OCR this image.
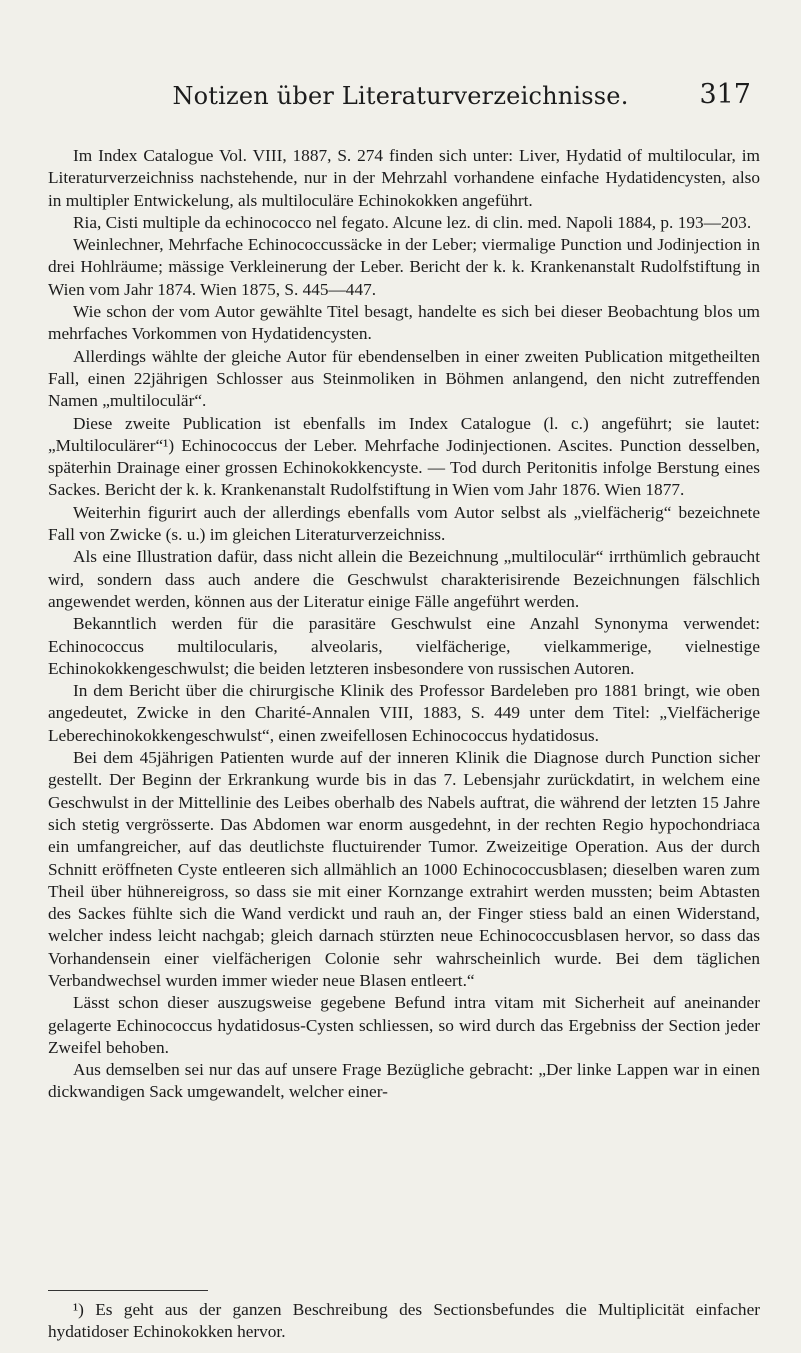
Notizen über Literaturverzeichnisse.	317

Im Index Catalogue Vol. VIII, 1887, S. 274 finden sich unter: Liver, Hydatid of multilocular, im Literaturverzeichniss nachstehende, nur in der Mehrzahl vorhandene einfache Hydatidencysten, also in multipler Entwickelung, als multiloculäre Echinokokken angeführt.

Ria, Cisti multiple da echinococco nel fegato. Alcune lez. di clin. med. Napoli 1884, p. 193—203.

Weinlechner, Mehrfache Echinococcussäcke in der Leber; viermalige Punction und Jodinjection in drei Hohlräume; mässige Verkleinerung der Leber. Bericht der k. k. Krankenanstalt Rudolfstiftung in Wien vom Jahr 1874. Wien 1875, S. 445—447.

Wie schon der vom Autor gewählte Titel besagt, handelte es sich bei dieser Beobachtung blos um mehrfaches Vorkommen von Hydatidencysten.

Allerdings wählte der gleiche Autor für ebendenselben in einer zweiten Publication mitgetheilten Fall, einen 22jährigen Schlosser aus Steinmoliken in Böhmen anlangend, den nicht zutreffenden Namen „multiloculär“.

Diese zweite Publication ist ebenfalls im Index Catalogue (l. c.) angeführt; sie lautet: „Multiloculärer“¹) Echinococcus der Leber. Mehrfache Jodinjectionen. Ascites. Punction desselben, späterhin Drainage einer grossen Echinokokkencyste. — Tod durch Peritonitis infolge Berstung eines Sackes. Bericht der k. k. Krankenanstalt Rudolfstiftung in Wien vom Jahr 1876. Wien 1877.

Weiterhin figurirt auch der allerdings ebenfalls vom Autor selbst als „vielfächerig“ bezeichnete Fall von Zwicke (s. u.) im gleichen Literaturverzeichniss.

Als eine Illustration dafür, dass nicht allein die Bezeichnung „multiloculär“ irrthümlich gebraucht wird, sondern dass auch andere die Geschwulst charakterisirende Bezeichnungen fälschlich angewendet werden, können aus der Literatur einige Fälle angeführt werden.

Bekanntlich werden für die parasitäre Geschwulst eine Anzahl Synonyma verwendet: Echinococcus multilocularis, alveolaris, vielfächerige, vielkammerige, vielnestige Echinokokkengeschwulst; die beiden letzteren insbesondere von russischen Autoren.

In dem Bericht über die chirurgische Klinik des Professor Bardeleben pro 1881 bringt, wie oben angedeutet, Zwicke in den Charité-Annalen VIII, 1883, S. 449 unter dem Titel: „Vielfächerige Leberechinokokkengeschwulst“, einen zweifellosen Echinococcus hydatidosus.

Bei dem 45jährigen Patienten wurde auf der inneren Klinik die Diagnose durch Punction sicher gestellt. Der Beginn der Erkrankung wurde bis in das 7. Lebensjahr zurückdatirt, in welchem eine Geschwulst in der Mittellinie des Leibes oberhalb des Nabels auftrat, die während der letzten 15 Jahre sich stetig vergrösserte. Das Abdomen war enorm ausgedehnt, in der rechten Regio hypochondriaca ein umfangreicher, auf das deutlichste fluctuirender Tumor. Zweizeitige Operation. Aus der durch Schnitt eröffneten Cyste entleeren sich allmählich an 1000 Echinococcusblasen; dieselben waren zum Theil über hühnereigross, so dass sie mit einer Kornzange extrahirt werden mussten; beim Abtasten des Sackes fühlte sich die Wand verdickt und rauh an, der Finger stiess bald an einen Widerstand, welcher indess leicht nachgab; gleich darnach stürzten neue Echinococcusblasen hervor, so dass das Vorhandensein einer vielfächerigen Colonie sehr wahrscheinlich wurde. Bei dem täglichen Verbandwechsel wurden immer wieder neue Blasen entleert.“

Lässt schon dieser auszugsweise gegebene Befund intra vitam mit Sicherheit auf aneinander gelagerte Echinococcus hydatidosus-Cysten schliessen, so wird durch das Ergebniss der Section jeder Zweifel behoben.

Aus demselben sei nur das auf unsere Frage Bezügliche gebracht: „Der linke Lappen war in einen dickwandigen Sack umgewandelt, welcher einer-

¹) Es geht aus der ganzen Beschreibung des Sectionsbefundes die Multiplicität einfacher hydatidoser Echinokokken hervor.
